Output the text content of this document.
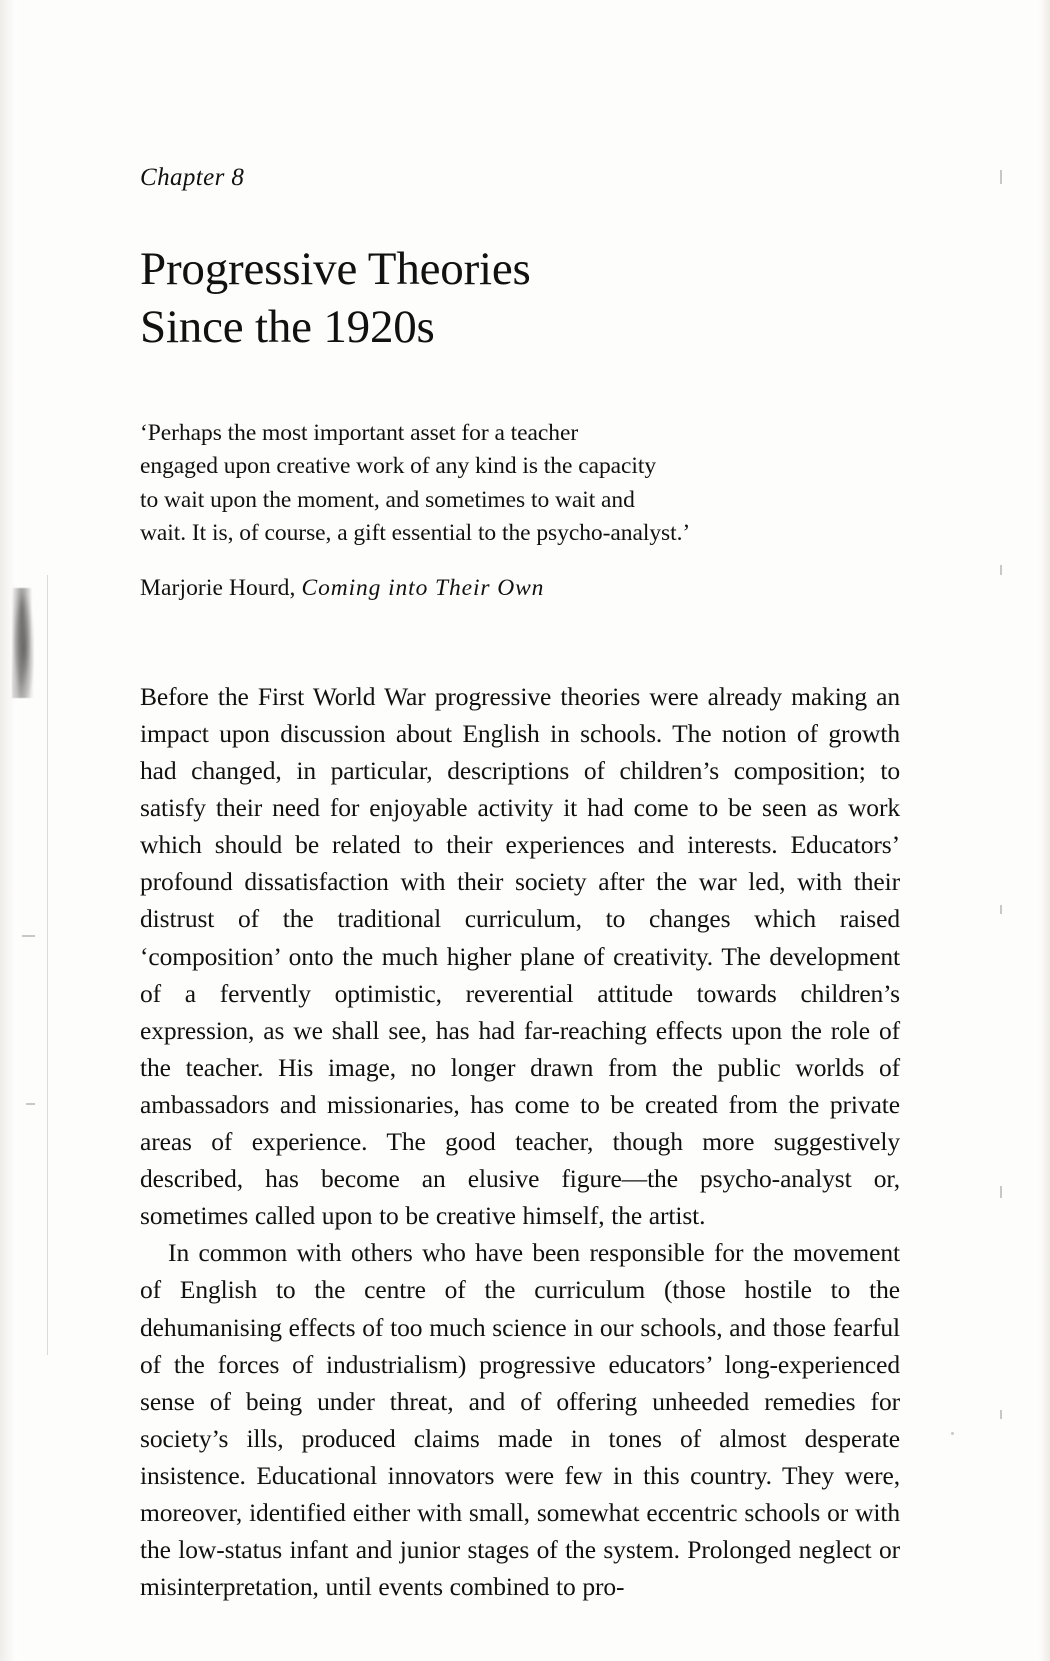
Chapter 8
Progressive Theories
Since the 1920s
‘Perhaps the most important asset for a teacher
engaged upon creative work of any kind is the capacity
to wait upon the moment, and sometimes to wait and
wait. It is, of course, a gift essential to the psycho-analyst.’
Marjorie Hourd, Coming into Their Own

Before the First World War progressive theories were already making an impact upon discussion about English in schools. The notion of growth had changed, in particular, descriptions of children’s composition; to satisfy their need for enjoyable activity it had come to be seen as work which should be related to their experiences and interests. Educators’ profound dissatisfaction with their society after the war led, with their distrust of the traditional curriculum, to changes which raised ‘composition’ onto the much higher plane of creativity. The development of a fervently optimistic, reverential attitude towards children’s expression, as we shall see, has had far-reaching effects upon the role of the teacher. His image, no longer drawn from the public worlds of ambassadors and missionaries, has come to be created from the private areas of experience. The good teacher, though more suggestively described, has become an elusive figure—the psycho-analyst or, sometimes called upon to be creative himself, the artist.

In common with others who have been responsible for the movement of English to the centre of the curriculum (those hostile to the dehumanising effects of too much science in our schools, and those fearful of the forces of industrialism) progressive educators’ long-experienced sense of being under threat, and of offering unheeded remedies for society’s ills, produced claims made in tones of almost desperate insistence. Educational innovators were few in this country. They were, moreover, identified either with small, somewhat eccentric schools or with the low-status infant and junior stages of the system. Prolonged neglect or misinterpretation, until events combined to pro-
